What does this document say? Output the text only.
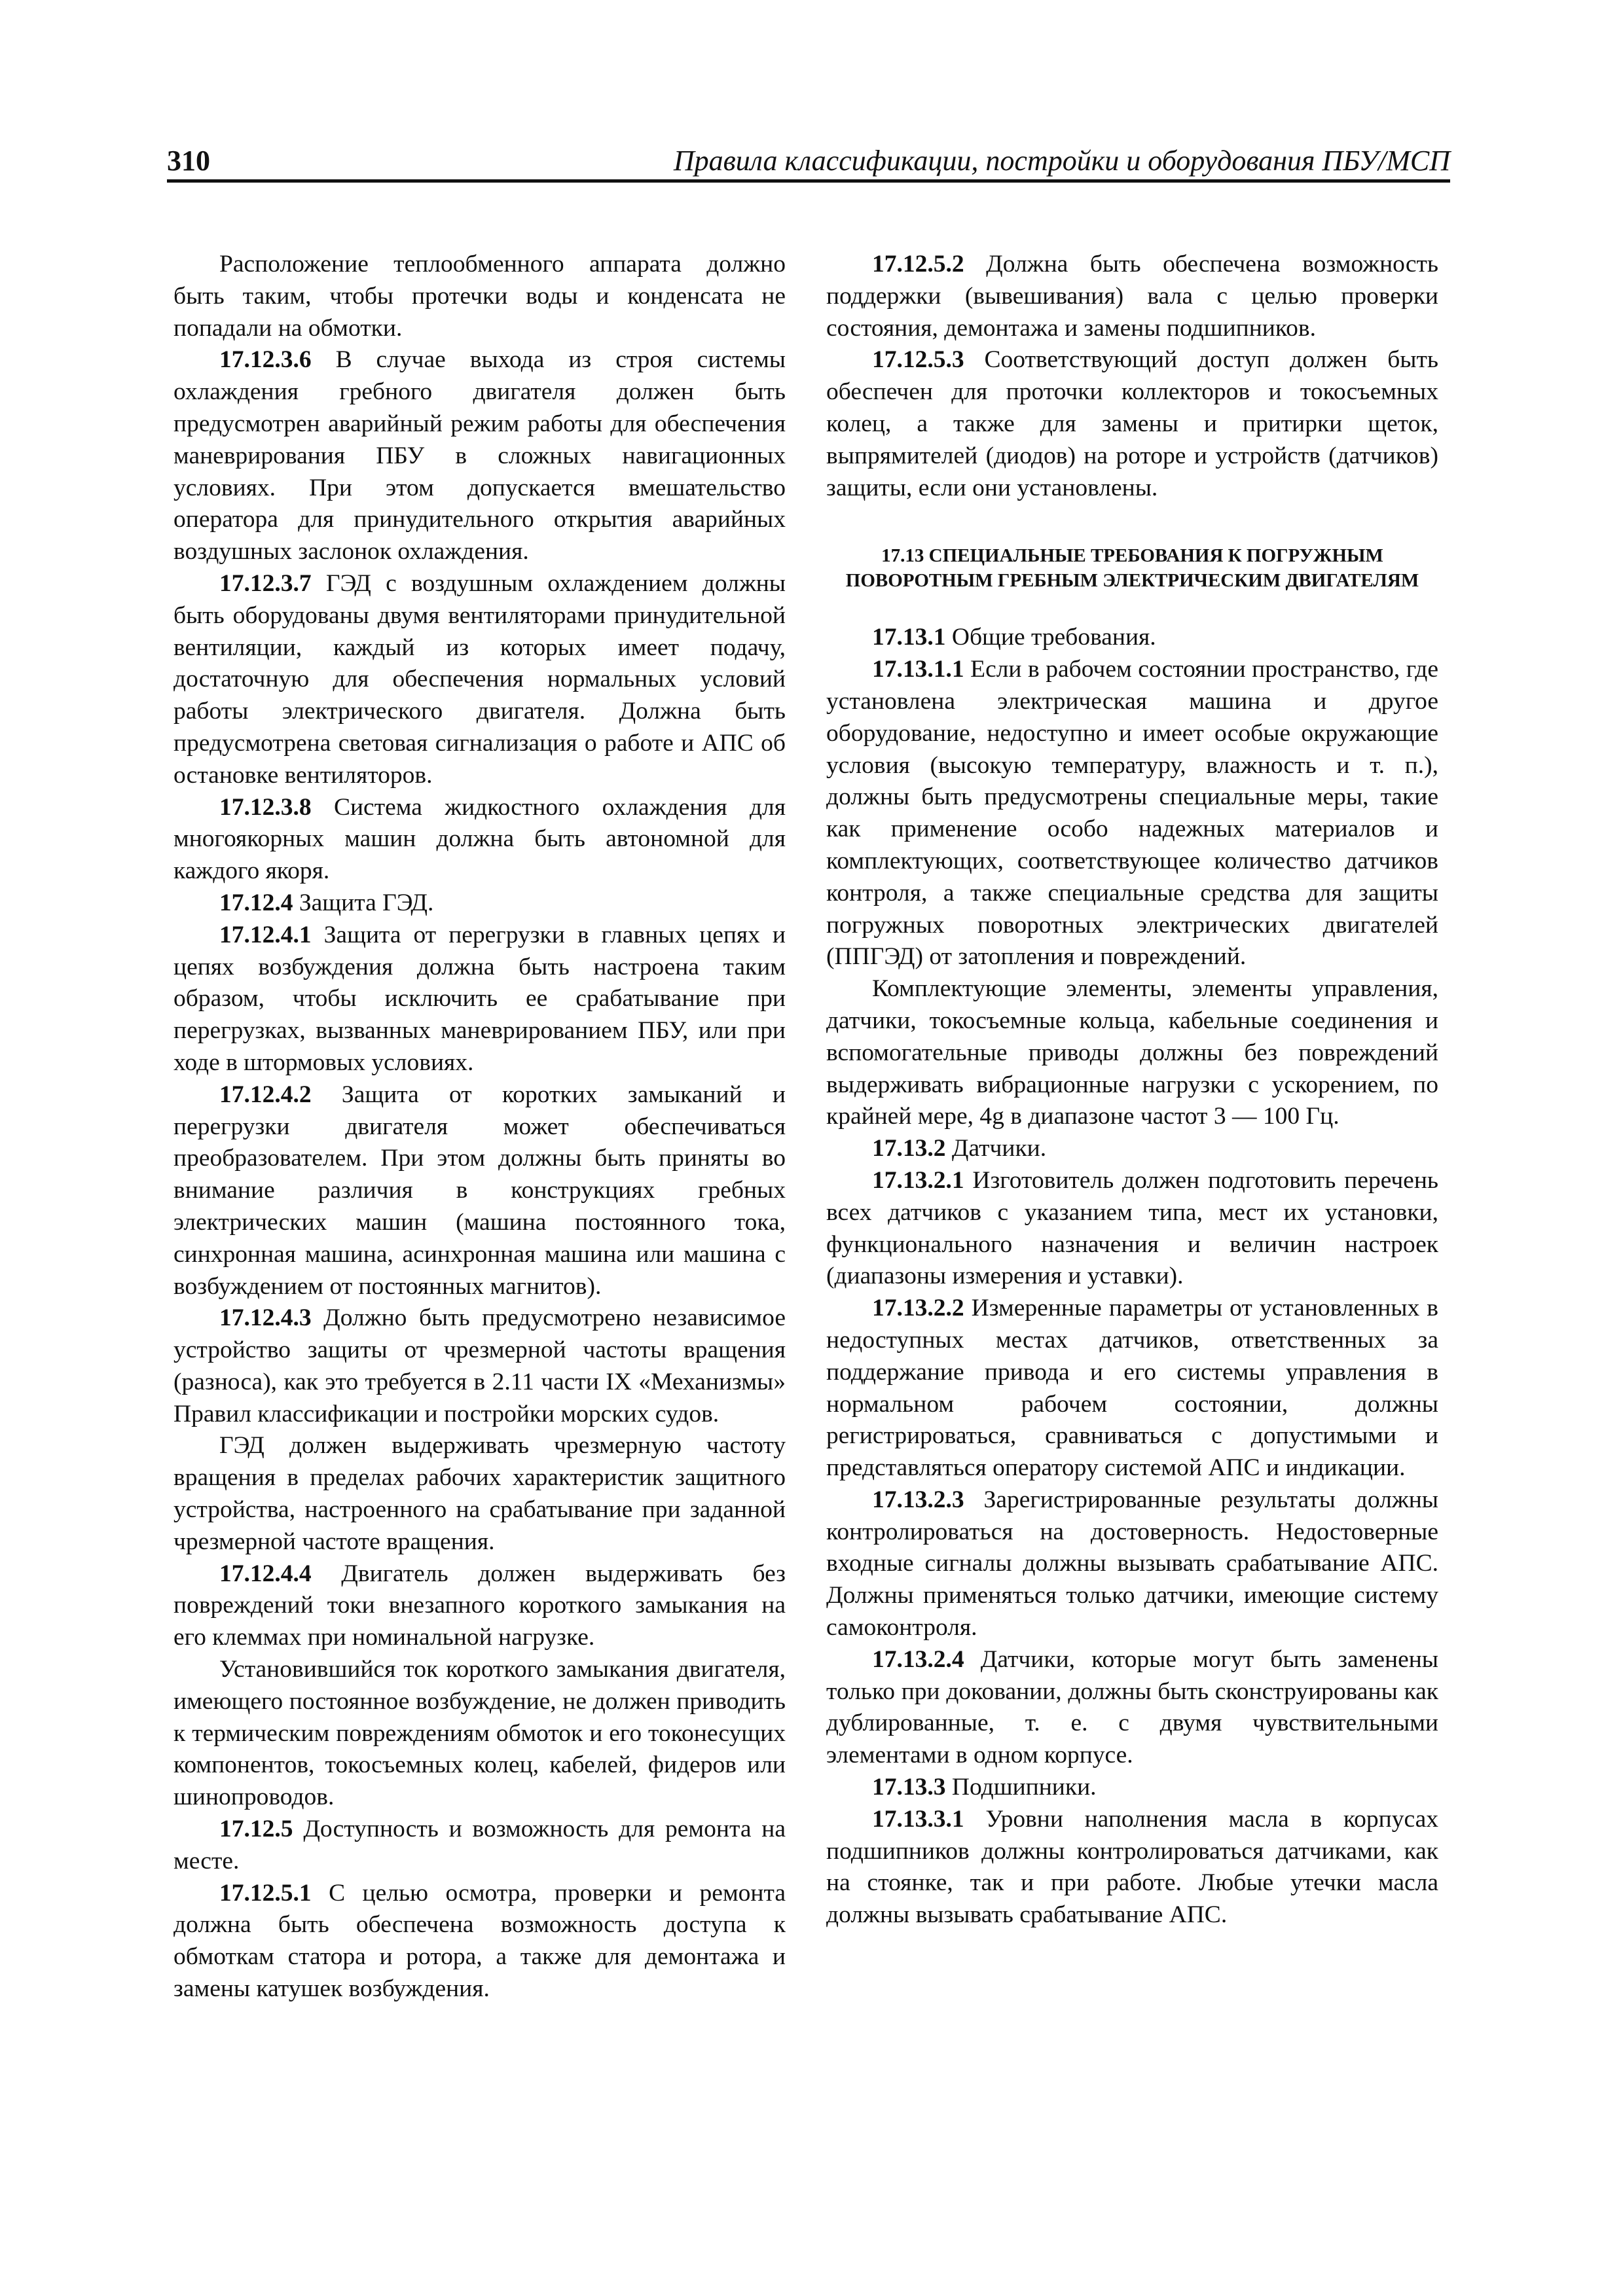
310	Правила классификации, постройки и оборудования ПБУ/МСП

Расположение теплообменного аппарата должно быть таким, чтобы протечки воды и конденсата не попадали на обмотки.

17.12.3.6 В случае выхода из строя системы охлаждения гребного двигателя должен быть предусмотрен аварийный режим работы для обеспечения маневрирования ПБУ в сложных навигационных условиях. При этом допускается вмешательство оператора для принудительного открытия аварийных воздушных заслонок охлаждения.

17.12.3.7 ГЭД с воздушным охлаждением должны быть оборудованы двумя вентиляторами принудительной вентиляции, каждый из которых имеет подачу, достаточную для обеспечения нормальных условий работы электрического двигателя. Должна быть предусмотрена световая сигнализация о работе и АПС об остановке вентиляторов.

17.12.3.8 Система жидкостного охлаждения для многоякорных машин должна быть автономной для каждого якоря.

17.12.4 Защита ГЭД.

17.12.4.1 Защита от перегрузки в главных цепях и цепях возбуждения должна быть настроена таким образом, чтобы исключить ее срабатывание при перегрузках, вызванных маневрированием ПБУ, или при ходе в штормовых условиях.

17.12.4.2 Защита от коротких замыканий и перегрузки двигателя может обеспечиваться преобразователем. При этом должны быть приняты во внимание различия в конструкциях гребных электрических машин (машина постоянного тока, синхронная машина, асинхронная машина или машина с возбуждением от постоянных магнитов).

17.12.4.3 Должно быть предусмотрено независимое устройство защиты от чрезмерной частоты вращения (разноса), как это требуется в 2.11 части IX «Механизмы» Правил классификации и постройки морских судов.

ГЭД должен выдерживать чрезмерную частоту вращения в пределах рабочих характеристик защитного устройства, настроенного на срабатывание при заданной чрезмерной частоте вращения.

17.12.4.4 Двигатель должен выдерживать без повреждений токи внезапного короткого замыкания на его клеммах при номинальной нагрузке.

Установившийся ток короткого замыкания двигателя, имеющего постоянное возбуждение, не должен приводить к термическим повреждениям обмоток и его токонесущих компонентов, токосъемных колец, кабелей, фидеров или шинопроводов.

17.12.5 Доступность и возможность для ремонта на месте.

17.12.5.1 С целью осмотра, проверки и ремонта должна быть обеспечена возможность доступа к обмоткам статора и ротора, а также для демонтажа и замены катушек возбуждения.

17.12.5.2 Должна быть обеспечена возможность поддержки (вывешивания) вала с целью проверки состояния, демонтажа и замены подшипников.

17.12.5.3 Соответствующий доступ должен быть обеспечен для проточки коллекторов и токосъемных колец, а также для замены и притирки щеток, выпрямителей (диодов) на роторе и устройств (датчиков) защиты, если они установлены.

17.13 СПЕЦИАЛЬНЫЕ ТРЕБОВАНИЯ К ПОГРУЖНЫМ ПОВОРОТНЫМ ГРЕБНЫМ ЭЛЕКТРИЧЕСКИМ ДВИГАТЕЛЯМ

17.13.1 Общие требования.

17.13.1.1 Если в рабочем состоянии пространство, где установлена электрическая машина и другое оборудование, недоступно и имеет особые окружающие условия (высокую температуру, влажность и т. п.), должны быть предусмотрены специальные меры, такие как применение особо надежных материалов и комплектующих, соответствующее количество датчиков контроля, а также специальные средства для защиты погружных поворотных электрических двигателей (ППГЭД) от затопления и повреждений.

Комплектующие элементы, элементы управления, датчики, токосъемные кольца, кабельные соединения и вспомогательные приводы должны без повреждений выдерживать вибрационные нагрузки с ускорением, по крайней мере, 4g в диапазоне частот 3 — 100 Гц.

17.13.2 Датчики.

17.13.2.1 Изготовитель должен подготовить перечень всех датчиков с указанием типа, мест их установки, функционального назначения и величин настроек (диапазоны измерения и уставки).

17.13.2.2 Измеренные параметры от установленных в недоступных местах датчиков, ответственных за поддержание привода и его системы управления в нормальном рабочем состоянии, должны регистрироваться, сравниваться с допустимыми и представляться оператору системой АПС и индикации.

17.13.2.3 Зарегистрированные результаты должны контролироваться на достоверность. Недостоверные входные сигналы должны вызывать срабатывание АПС. Должны применяться только датчики, имеющие систему самоконтроля.

17.13.2.4 Датчики, которые могут быть заменены только при доковании, должны быть сконструированы как дублированные, т. е. с двумя чувствительными элементами в одном корпусе.

17.13.3 Подшипники.

17.13.3.1 Уровни наполнения масла в корпусах подшипников должны контролироваться датчиками, как на стоянке, так и при работе. Любые утечки масла должны вызывать срабатывание АПС.
